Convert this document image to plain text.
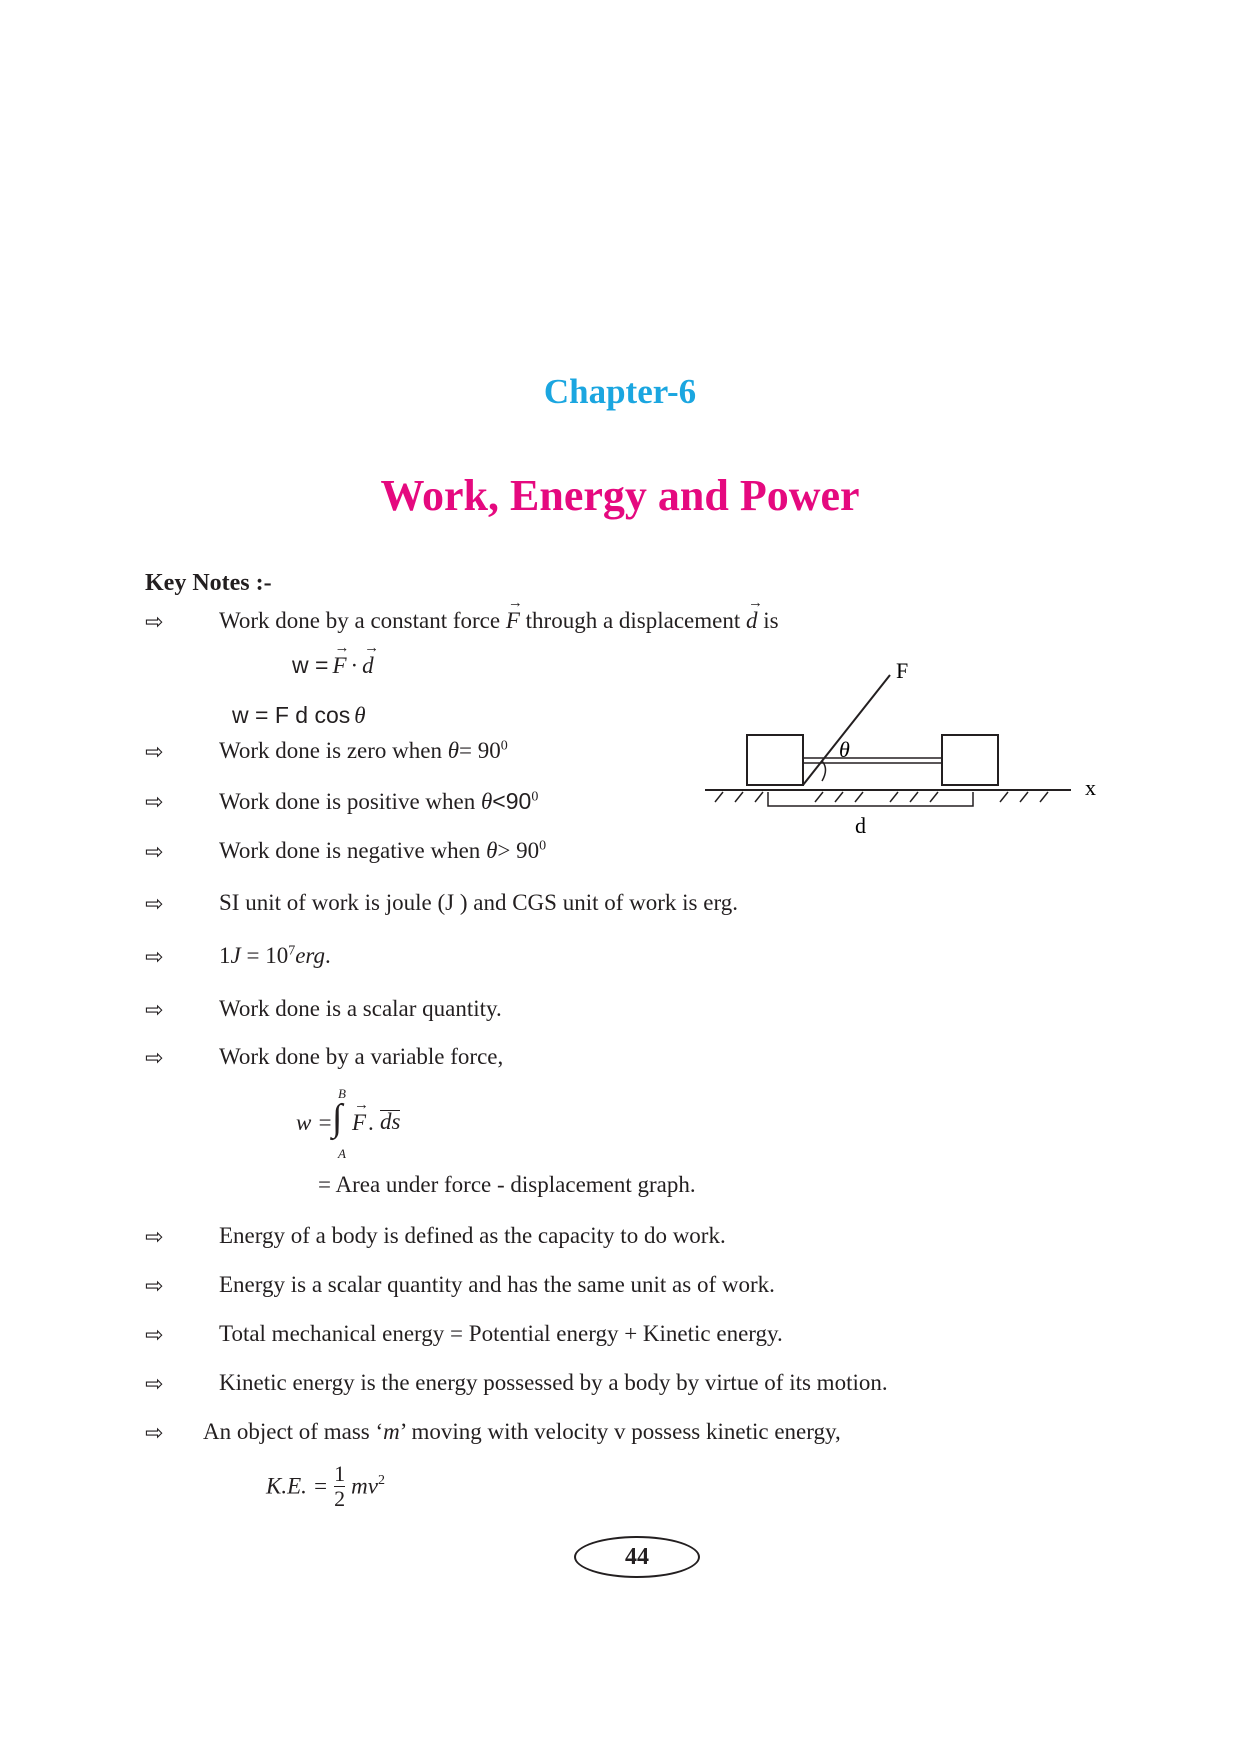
Chapter-6
Work, Energy and Power
Key Notes :-
⇨
⇨
⇨
⇨
⇨
⇨
⇨
⇨
⇨
⇨
⇨
⇨
⇨
Work done by a constant force → F through a displacement → d is
w = → F · → d
w = F d cos θ
Work done is zero when $\theta= 90^0$
Work done is positive when $\theta<90^0$
Work done is negative when $\theta> 90^0$
SI unit of work is joule (J ) and CGS unit of work is erg.
$1J = 10^7erg$.
Work done is a scalar quantity.
Work done by a variable force,
w = ∫
B
A
→ F . ds
= Area under force - displacement graph.
Energy of a body is defined as the capacity to do work.
Energy is a scalar quantity and has the same unit as of work.
Total mechanical energy = Potential energy + Kinetic energy.
Kinetic energy is the energy possessed by a body by virtue of its motion.
An object of mass ‘m’ moving with velocity v possess kinetic energy,
K.E. = $\frac{1}{2} mv^2$
F
θ
x
d
44
